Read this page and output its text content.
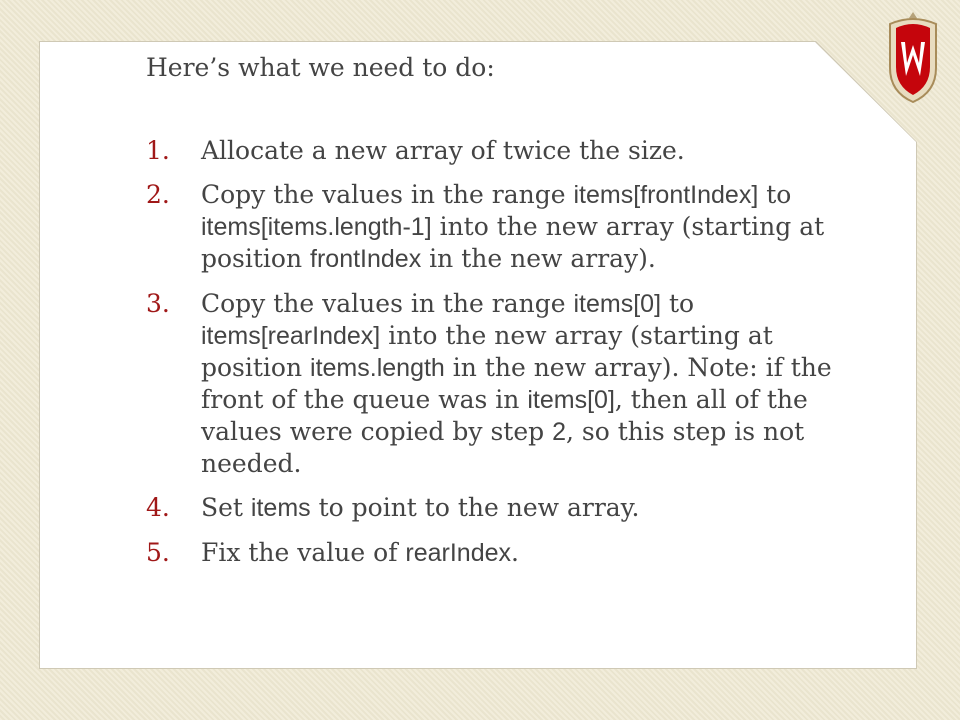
Here’s what we need to do:

1. Allocate a new array of twice the size.
2. Copy the values in the range items[frontIndex] to items[items.length-1] into the new array (starting at position frontIndex in the new array).
3. Copy the values in the range items[0] to items[rearIndex] into the new array (starting at position items.length in the new array). Note: if the front of the queue was in items[0], then all of the values were copied by step 2, so this step is not needed.
4. Set items to point to the new array.
5. Fix the value of rearIndex.
